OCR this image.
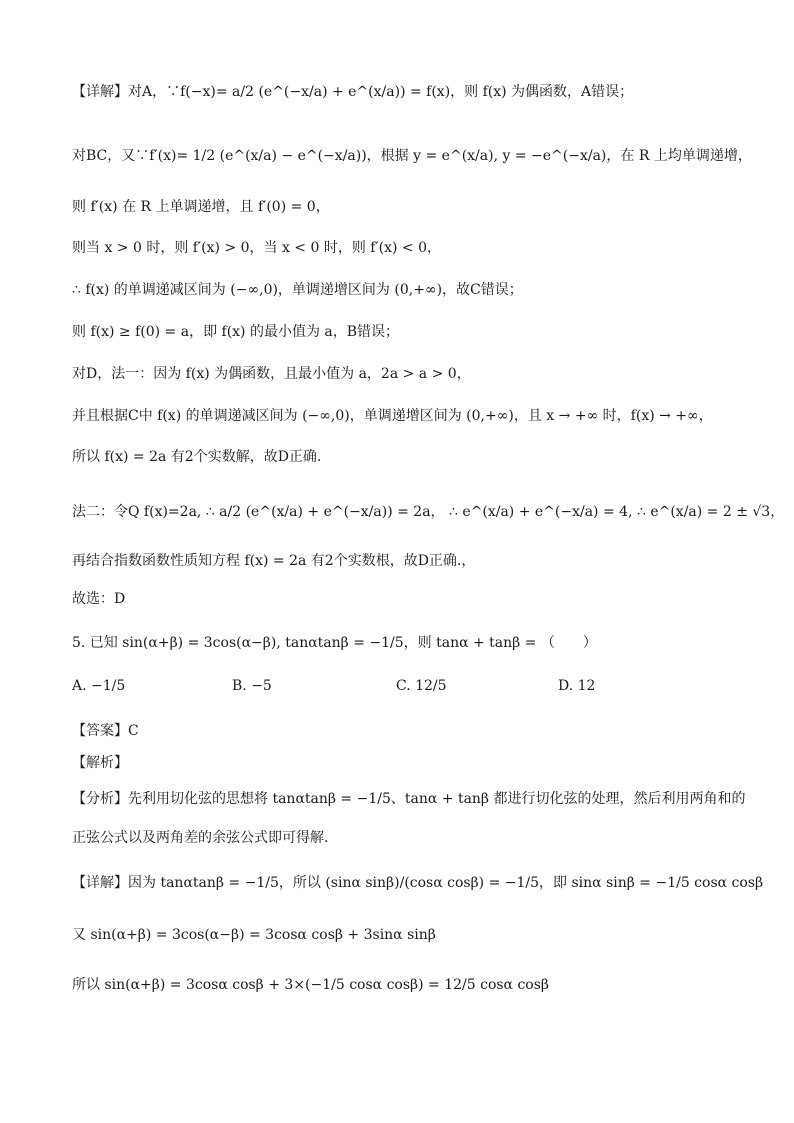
【详解】对A，∵f(−x)= a/2 (e^(−x/a) + e^(x/a)) = f(x)，则 f(x) 为偶函数，A错误；
对BC，又∵f′(x)= 1/2 (e^(x/a) − e^(−x/a))，根据 y = e^(x/a), y = −e^(−x/a)，在 R 上均单调递增，
则 f′(x) 在 R 上单调递增，且 f′(0) = 0，
则当 x > 0 时，则 f′(x) > 0，当 x < 0 时，则 f′(x) < 0，
∴ f(x) 的单调递减区间为 (−∞,0)，单调递增区间为 (0,+∞)，故C错误；
则 f(x) ≥ f(0) = a，即 f(x) 的最小值为 a，B错误；
对D，法一：因为 f(x) 为偶函数，且最小值为 a，2a > a > 0，
并且根据C中 f(x) 的单调递减区间为 (−∞,0)，单调递增区间为 (0,+∞)，且 x → +∞ 时，f(x) → +∞，
所以 f(x) = 2a 有2个实数解，故D正确.
法二：令Q f(x)=2a, ∴ a/2 (e^(x/a) + e^(−x/a)) = 2a， ∴ e^(x/a) + e^(−x/a) = 4, ∴ e^(x/a) = 2 ± √3，
再结合指数函数性质知方程 f(x) = 2a 有2个实数根，故D正确.，
故选：D
5. 已知 sin(α+β) = 3cos(α−β), tanαtanβ = −1/5，则 tanα + tanβ = （　　）
A. −1/5	B. −5	C. 12/5	D. 12
【答案】C
【解析】
【分析】先利用切化弦的思想将 tanαtanβ = −1/5、tanα + tanβ 都进行切化弦的处理，然后利用两角和的
正弦公式以及两角差的余弦公式即可得解.
【详解】因为 tanαtanβ = −1/5，所以 (sinα sinβ)/(cosα cosβ) = −1/5，即 sinα sinβ = −1/5 cosα cosβ
又 sin(α+β) = 3cos(α−β) = 3cosα cosβ + 3sinα sinβ
所以 sin(α+β) = 3cosα cosβ + 3×(−1/5 cosα cosβ) = 12/5 cosα cosβ
